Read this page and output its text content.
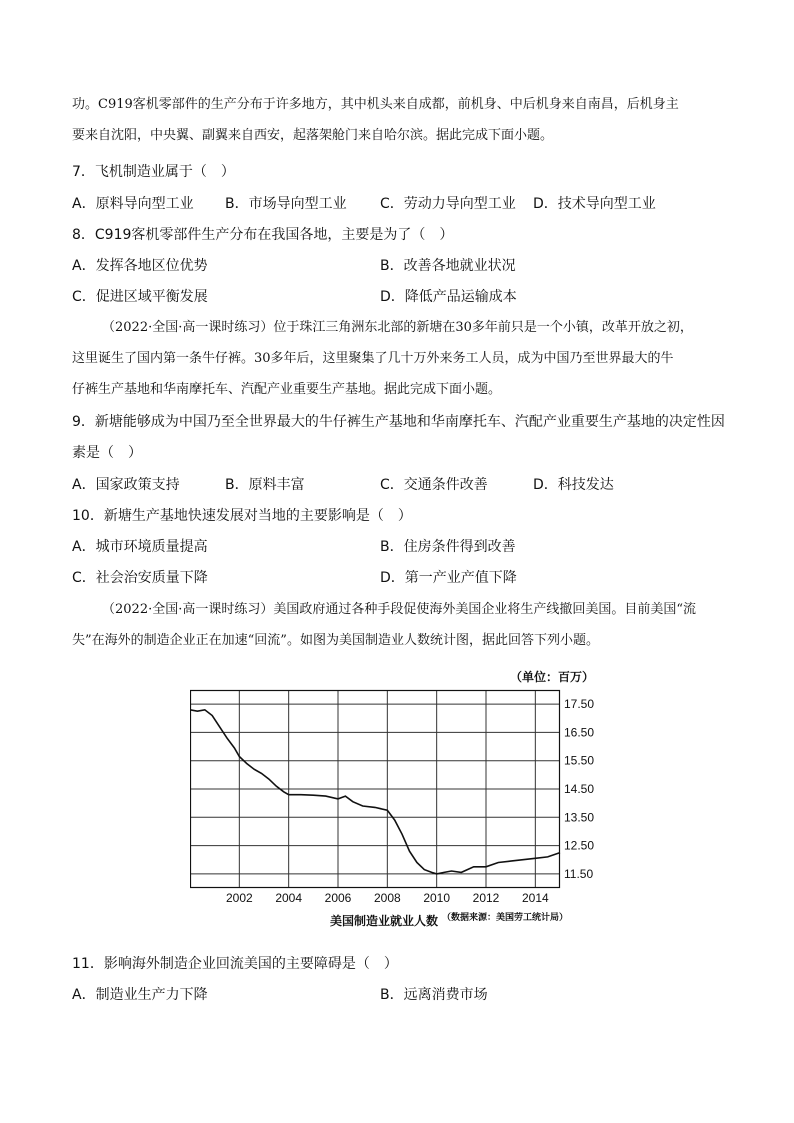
功。C919客机零部件的生产分布于许多地方，其中机头来自成都，前机身、中后机身来自南昌，后机身主
要来自沈阳，中央翼、副翼来自西安，起落架舱门来自哈尔滨。据此完成下面小题。
7．飞机制造业属于（　）
A．原料导向型工业 B．市场导向型工业 C．劳动力导向型工业 D．技术导向型工业
8．C919客机零部件生产分布在我国各地，主要是为了（　）
A．发挥各地区位优势	B．改善各地就业状况
C．促进区域平衡发展	D．降低产品运输成本
（2022·全国·高一课时练习）位于珠江三角洲东北部的新塘在30多年前只是一个小镇，改革开放之初，
这里诞生了国内第一条牛仔裤。30多年后，这里聚集了几十万外来务工人员，成为中国乃至世界最大的牛
仔裤生产基地和华南摩托车、汽配产业重要生产基地。据此完成下面小题。
9．新塘能够成为中国乃至全世界最大的牛仔裤生产基地和华南摩托车、汽配产业重要生产基地的决定性因
素是（　）
A．国家政策支持	B．原料丰富	C．交通条件改善	D．科技发达
10．新塘生产基地快速发展对当地的主要影响是（　）
A．城市环境质量提高	B．住房条件得到改善
C．社会治安质量下降	D．第一产业产值下降
（2022·全国·高一课时练习）美国政府通过各种手段促使海外美国企业将生产线撤回美国。目前美国“流
失”在海外的制造企业正在加速“回流”。如图为美国制造业人数统计图，据此回答下列小题。
（单位：百万）
2002 2004 2006 2008 2010 2012 2014
17.50
16.50
15.50
14.50
13.50
12.50
11.50
美国制造业就业人数 （数据来源：美国劳工统计局）
11．影响海外制造企业回流美国的主要障碍是（　）
A．制造业生产力下降	B．远离消费市场
